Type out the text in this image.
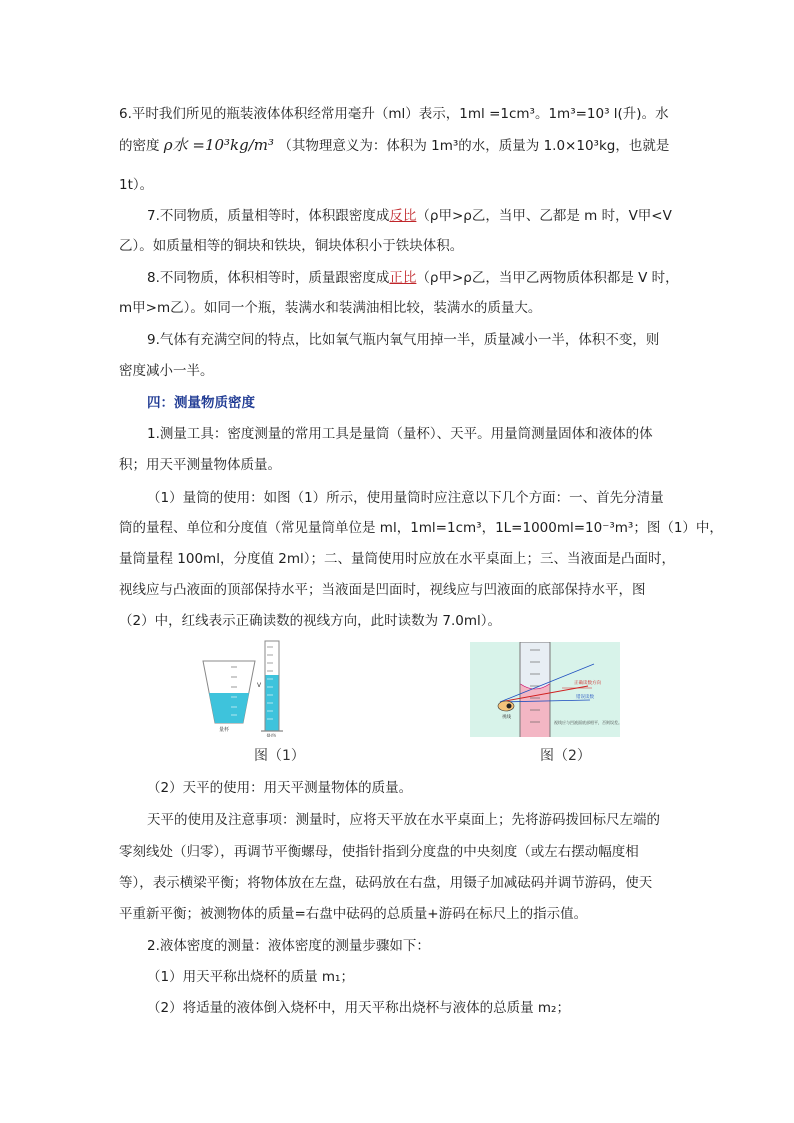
6.平时我们所见的瓶装液体体积经常用毫升（ml）表示，1ml =1cm³。1m³=10³ l(升)。水
的密度 ρ水 =10³kg/m³ （其物理意义为：体积为 1m³的水，质量为 1.0×10³kg，也就是
1t）。
7.不同物质，质量相等时，体积跟密度成反比（ρ甲>ρ乙，当甲、乙都是 m 时，V甲<V
乙）。如质量相等的铜块和铁块，铜块体积小于铁块体积。
8.不同物质，体积相等时，质量跟密度成正比（ρ甲>ρ乙，当甲乙两物质体积都是 V 时，
m甲>m乙）。如同一个瓶，装满水和装满油相比较，装满水的质量大。
9.气体有充满空间的特点，比如氧气瓶内氧气用掉一半，质量减小一半，体积不变，则
密度减小一半。
四：测量物质密度
1.测量工具：密度测量的常用工具是量筒（量杯）、天平。用量筒测量固体和液体的体
积；用天平测量物体质量。
（1）量筒的使用：如图（1）所示，使用量筒时应注意以下几个方面：一、首先分清量
筒的量程、单位和分度值（常见量筒单位是 ml，1ml=1cm³，1L=1000ml=10⁻³m³；图（1）中，
量筒量程 100ml，分度值 2ml）；二、量筒使用时应放在水平桌面上；三、当液面是凸面时，
视线应与凸液面的顶部保持水平；当液面是凹面时，视线应与凹液面的底部保持水平，图
（2）中，红线表示正确读数的视线方向，此时读数为 7.0ml）。
V
量杯
量筒
图（1）
正确读数方向
错误读数
视线
视线应与凹液面底部相平，否则误差。
图（2）
（2）天平的使用：用天平测量物体的质量。
天平的使用及注意事项：测量时，应将天平放在水平桌面上；先将游码拨回标尺左端的
零刻线处（归零），再调节平衡螺母，使指针指到分度盘的中央刻度（或左右摆动幅度相
等），表示横梁平衡；将物体放在左盘，砝码放在右盘，用镊子加减砝码并调节游码，使天
平重新平衡；被测物体的质量=右盘中砝码的总质量+游码在标尺上的指示值。
2.液体密度的测量：液体密度的测量步骤如下：
（1）用天平称出烧杯的质量 m₁；
（2）将适量的液体倒入烧杯中，用天平称出烧杯与液体的总质量 m₂；
